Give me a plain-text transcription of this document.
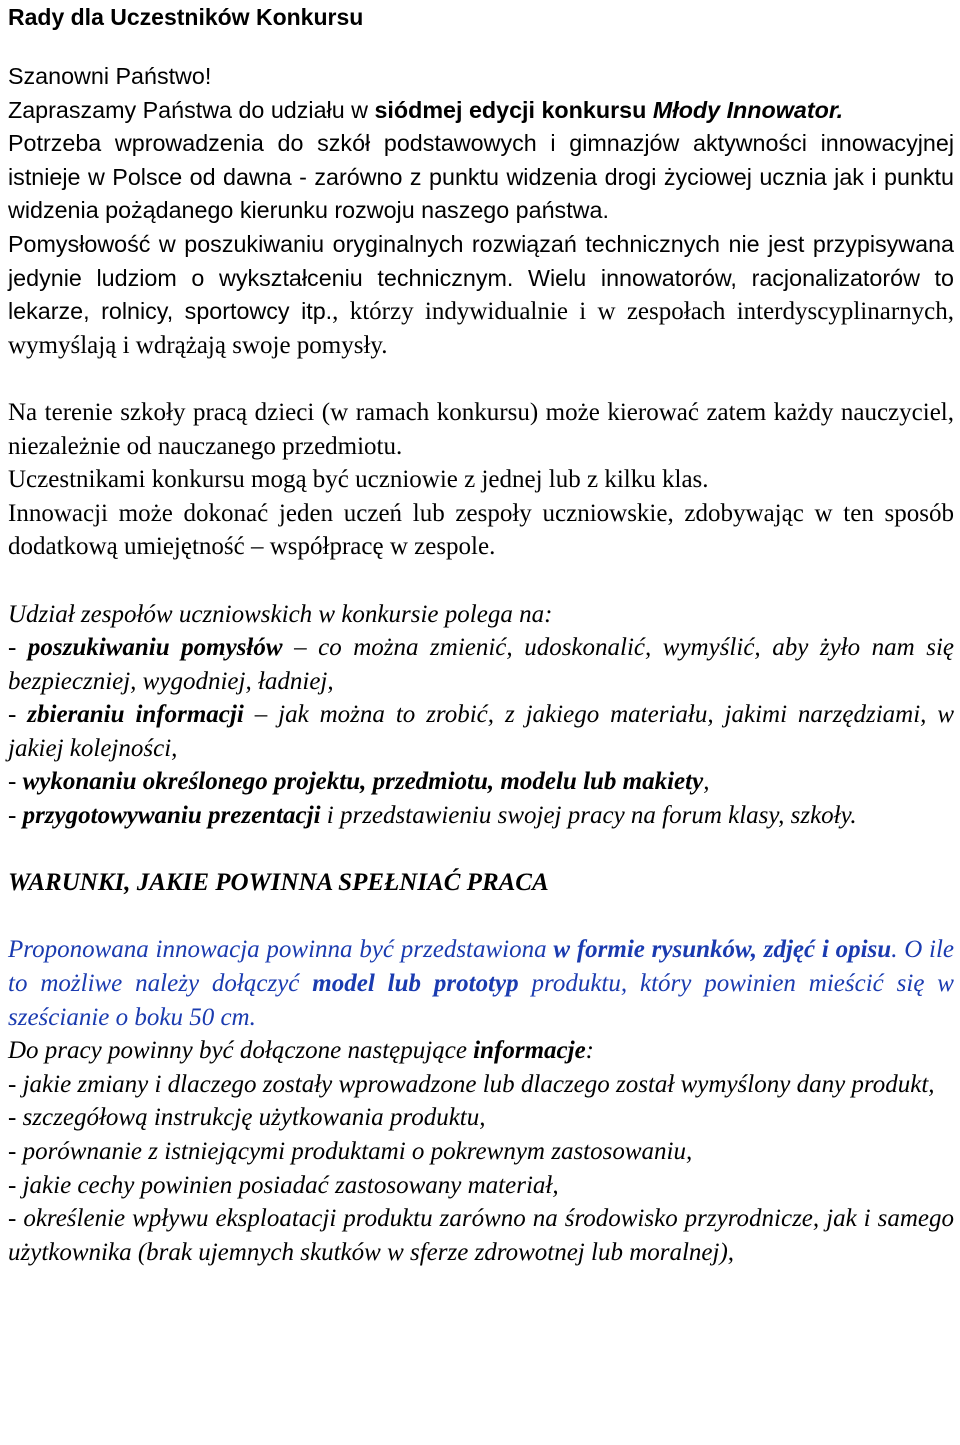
Rady dla Uczestników Konkursu

Szanowni Państwo!

Zapraszamy Państwa do udziału w siódmej edycji konkursu Młody Innowator.

Potrzeba wprowadzenia do szkół podstawowych i gimnazjów aktywności innowacyjnej istnieje w Polsce od dawna - zarówno z punktu widzenia drogi życiowej ucznia jak i punktu widzenia pożądanego kierunku rozwoju naszego państwa.

Pomysłowość w poszukiwaniu oryginalnych rozwiązań technicznych nie jest przypisywana jedynie ludziom o wykształceniu technicznym. Wielu innowatorów, racjonalizatorów to lekarze, rolnicy, sportowcy itp., którzy indywidualnie i w zespołach interdyscyplinarnych, wymyślają i wdrążają swoje pomysły.

Na terenie szkoły pracą dzieci (w ramach konkursu) może kierować zatem każdy nauczyciel, niezależnie od nauczanego przedmiotu.

Uczestnikami konkursu mogą być uczniowie z jednej lub z kilku klas.

Innowacji może dokonać jeden uczeń lub zespoły uczniowskie, zdobywając w ten sposób dodatkową umiejętność – współpracę w zespole.

Udział zespołów uczniowskich w konkursie polega na:

- poszukiwaniu pomysłów – co można zmienić, udoskonalić, wymyślić, aby żyło nam się bezpieczniej, wygodniej, ładniej,

- zbieraniu informacji – jak można to zrobić, z jakiego materiału, jakimi narzędziami, w jakiej kolejności,

- wykonaniu określonego projektu, przedmiotu, modelu lub makiety,

- przygotowywaniu prezentacji i przedstawieniu swojej pracy na forum klasy, szkoły.

WARUNKI, JAKIE POWINNA SPEŁNIAĆ PRACA

Proponowana innowacja powinna być przedstawiona w formie rysunków, zdjęć i opisu. O ile to możliwe należy dołączyć model lub prototyp produktu, który powinien mieścić się w sześcianie o boku 50 cm.

Do pracy powinny być dołączone następujące informacje:

- jakie zmiany i dlaczego zostały wprowadzone lub dlaczego został wymyślony dany produkt,

- szczegółową instrukcję użytkowania produktu,

- porównanie z istniejącymi produktami o pokrewnym zastosowaniu,

- jakie cechy powinien posiadać zastosowany materiał,

- określenie wpływu eksploatacji produktu zarówno na środowisko przyrodnicze, jak i samego użytkownika (brak ujemnych skutków w sferze zdrowotnej lub moralnej),
